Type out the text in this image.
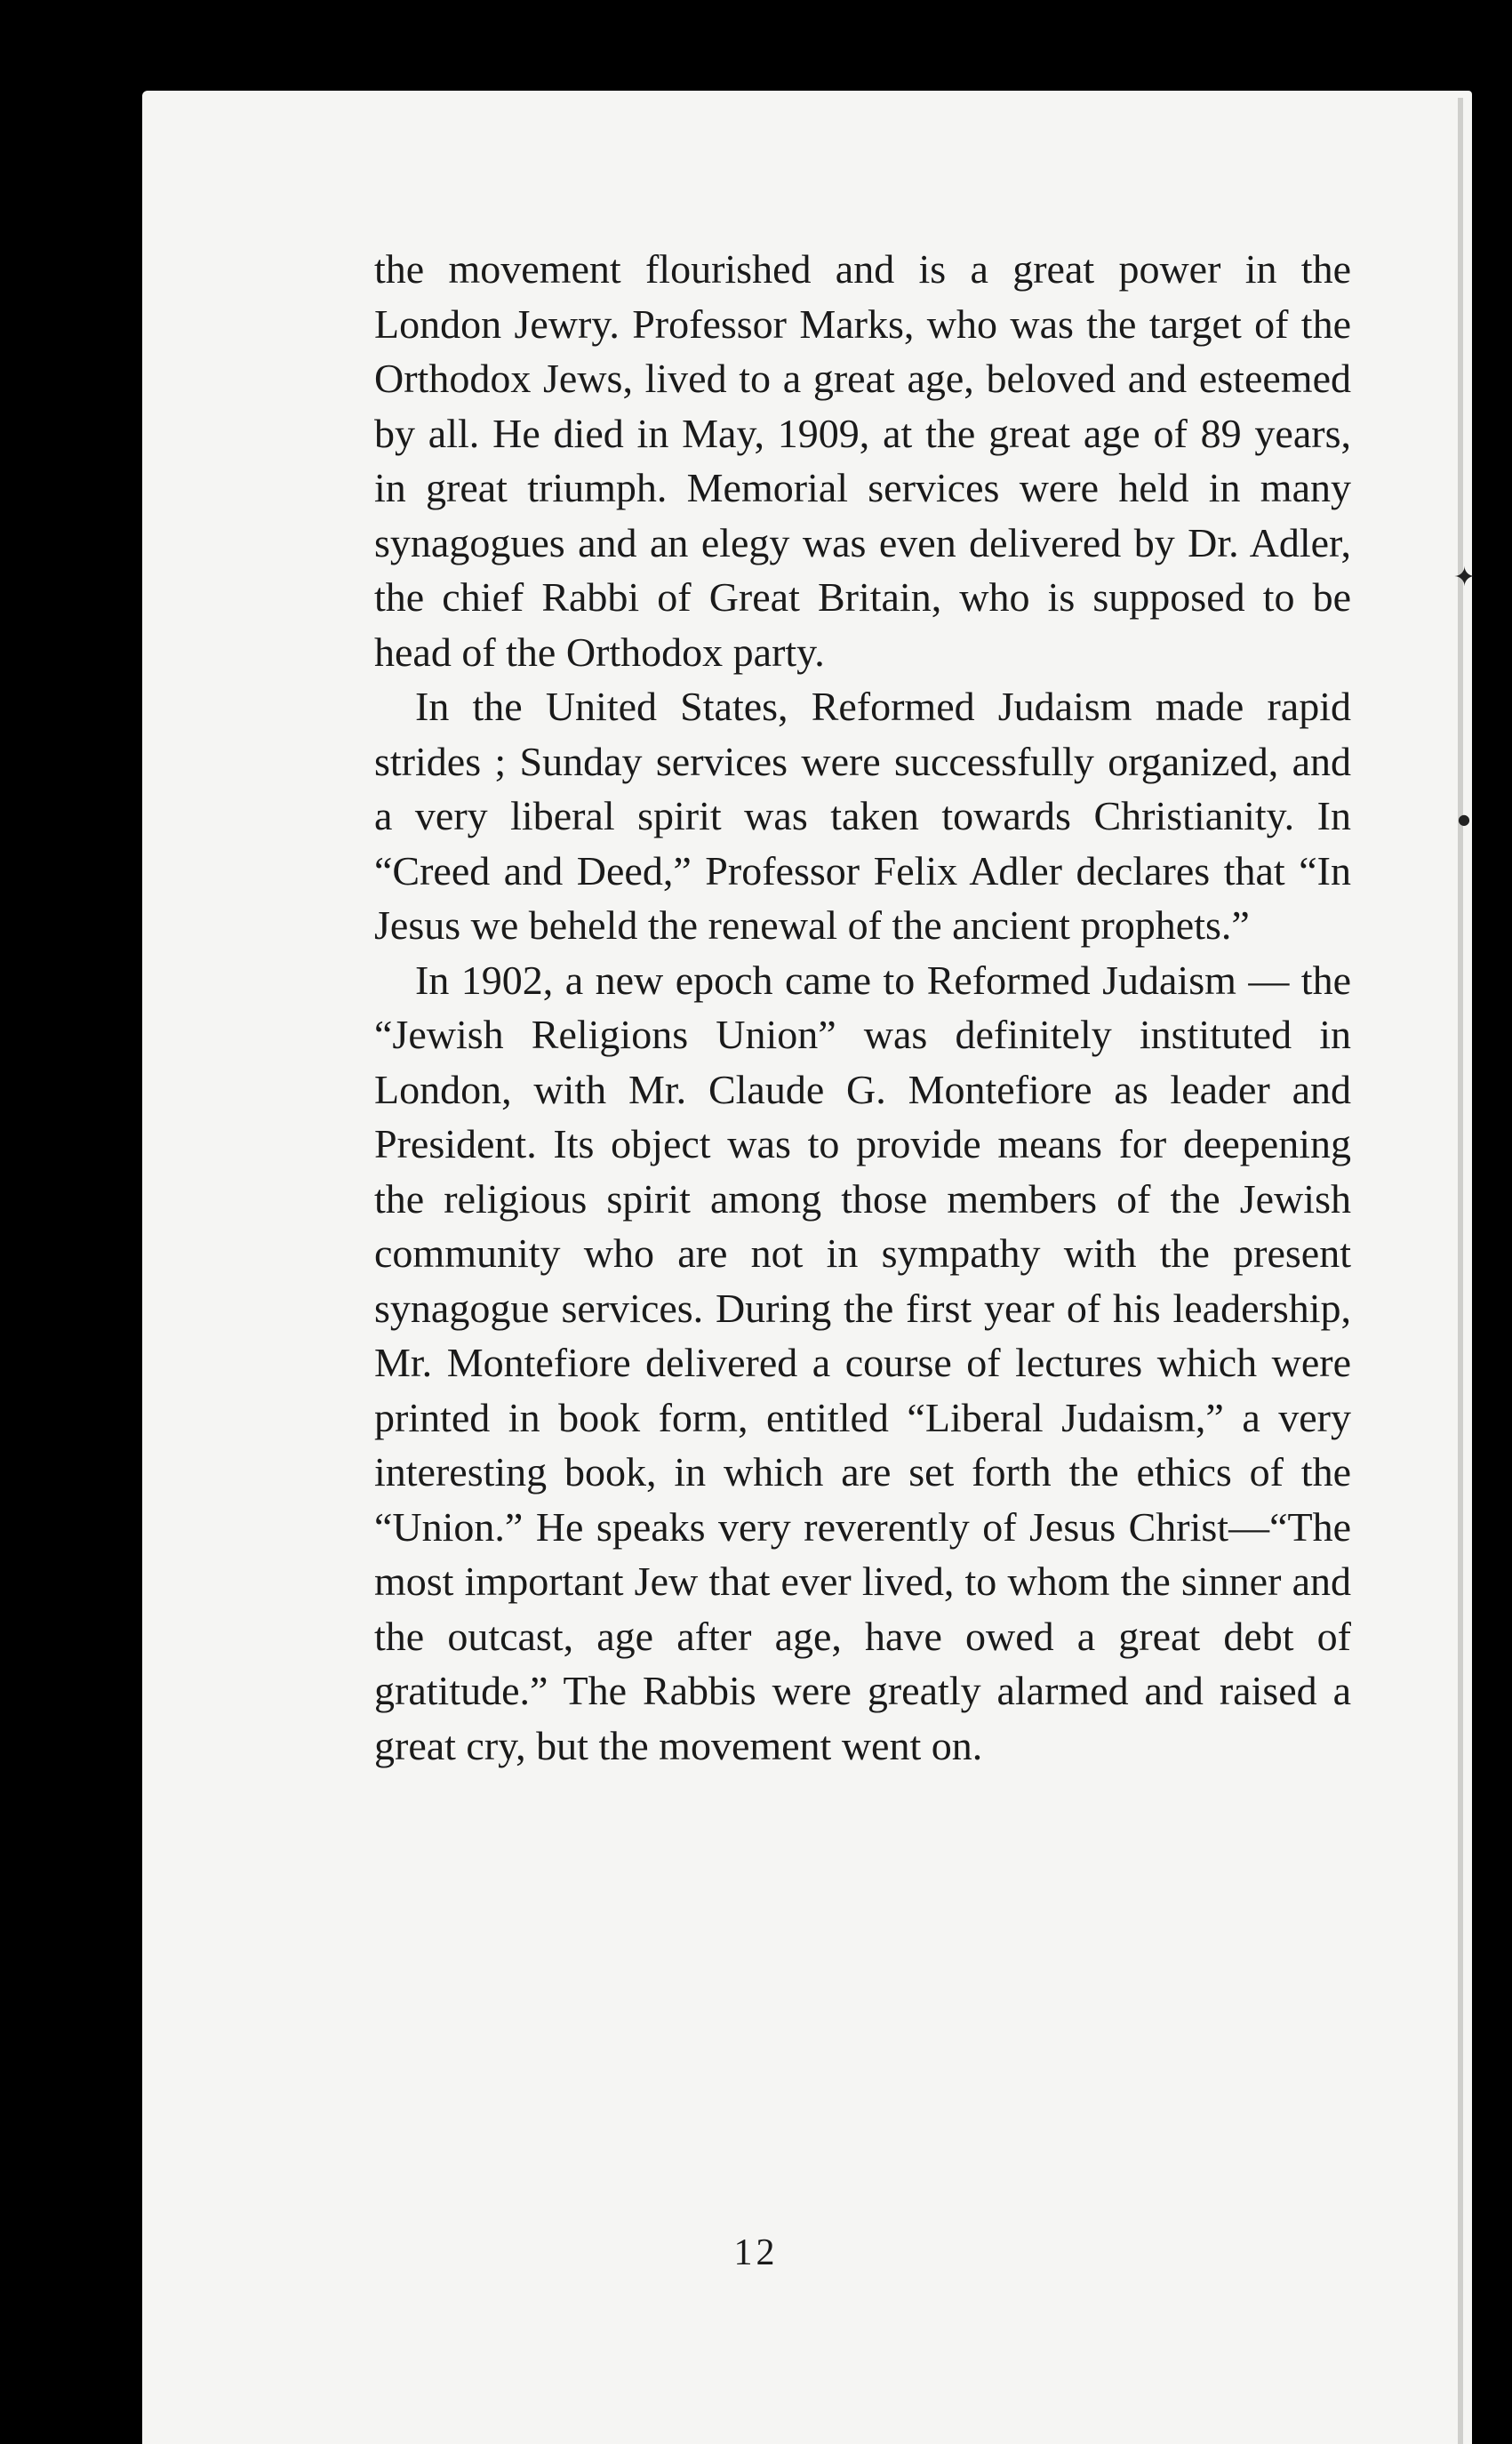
✦
●

the movement flourished and is a great power in the London Jewry. Professor Marks, who was the target of the Orthodox Jews, lived to a great age, beloved and esteemed by all. He died in May, 1909, at the great age of 89 years, in great triumph. Memorial services were held in many synagogues and an elegy was even delivered by Dr. Adler, the chief Rabbi of Great Britain, who is supposed to be head of the Orthodox party.

In the United States, Reformed Judaism made rapid strides ; Sunday services were successfully organized, and a very liberal spirit was taken towards Christianity. In “Creed and Deed,” Professor Felix Adler declares that “In Jesus we beheld the renewal of the ancient prophets.”

In 1902, a new epoch came to Reformed Judaism — the “Jewish Religions Union” was definitely instituted in London, with Mr. Claude G. Montefiore as leader and President. Its object was to provide means for deepening the religious spirit among those members of the Jewish community who are not in sympathy with the present synagogue services. During the first year of his leadership, Mr. Montefiore delivered a course of lectures which were printed in book form, entitled “Liberal Judaism,” a very interesting book, in which are set forth the ethics of the “Union.” He speaks very reverently of Jesus Christ—“The most important Jew that ever lived, to whom the sinner and the outcast, age after age, have owed a great debt of gratitude.” The Rabbis were greatly alarmed and raised a great cry, but the movement went on.

12
